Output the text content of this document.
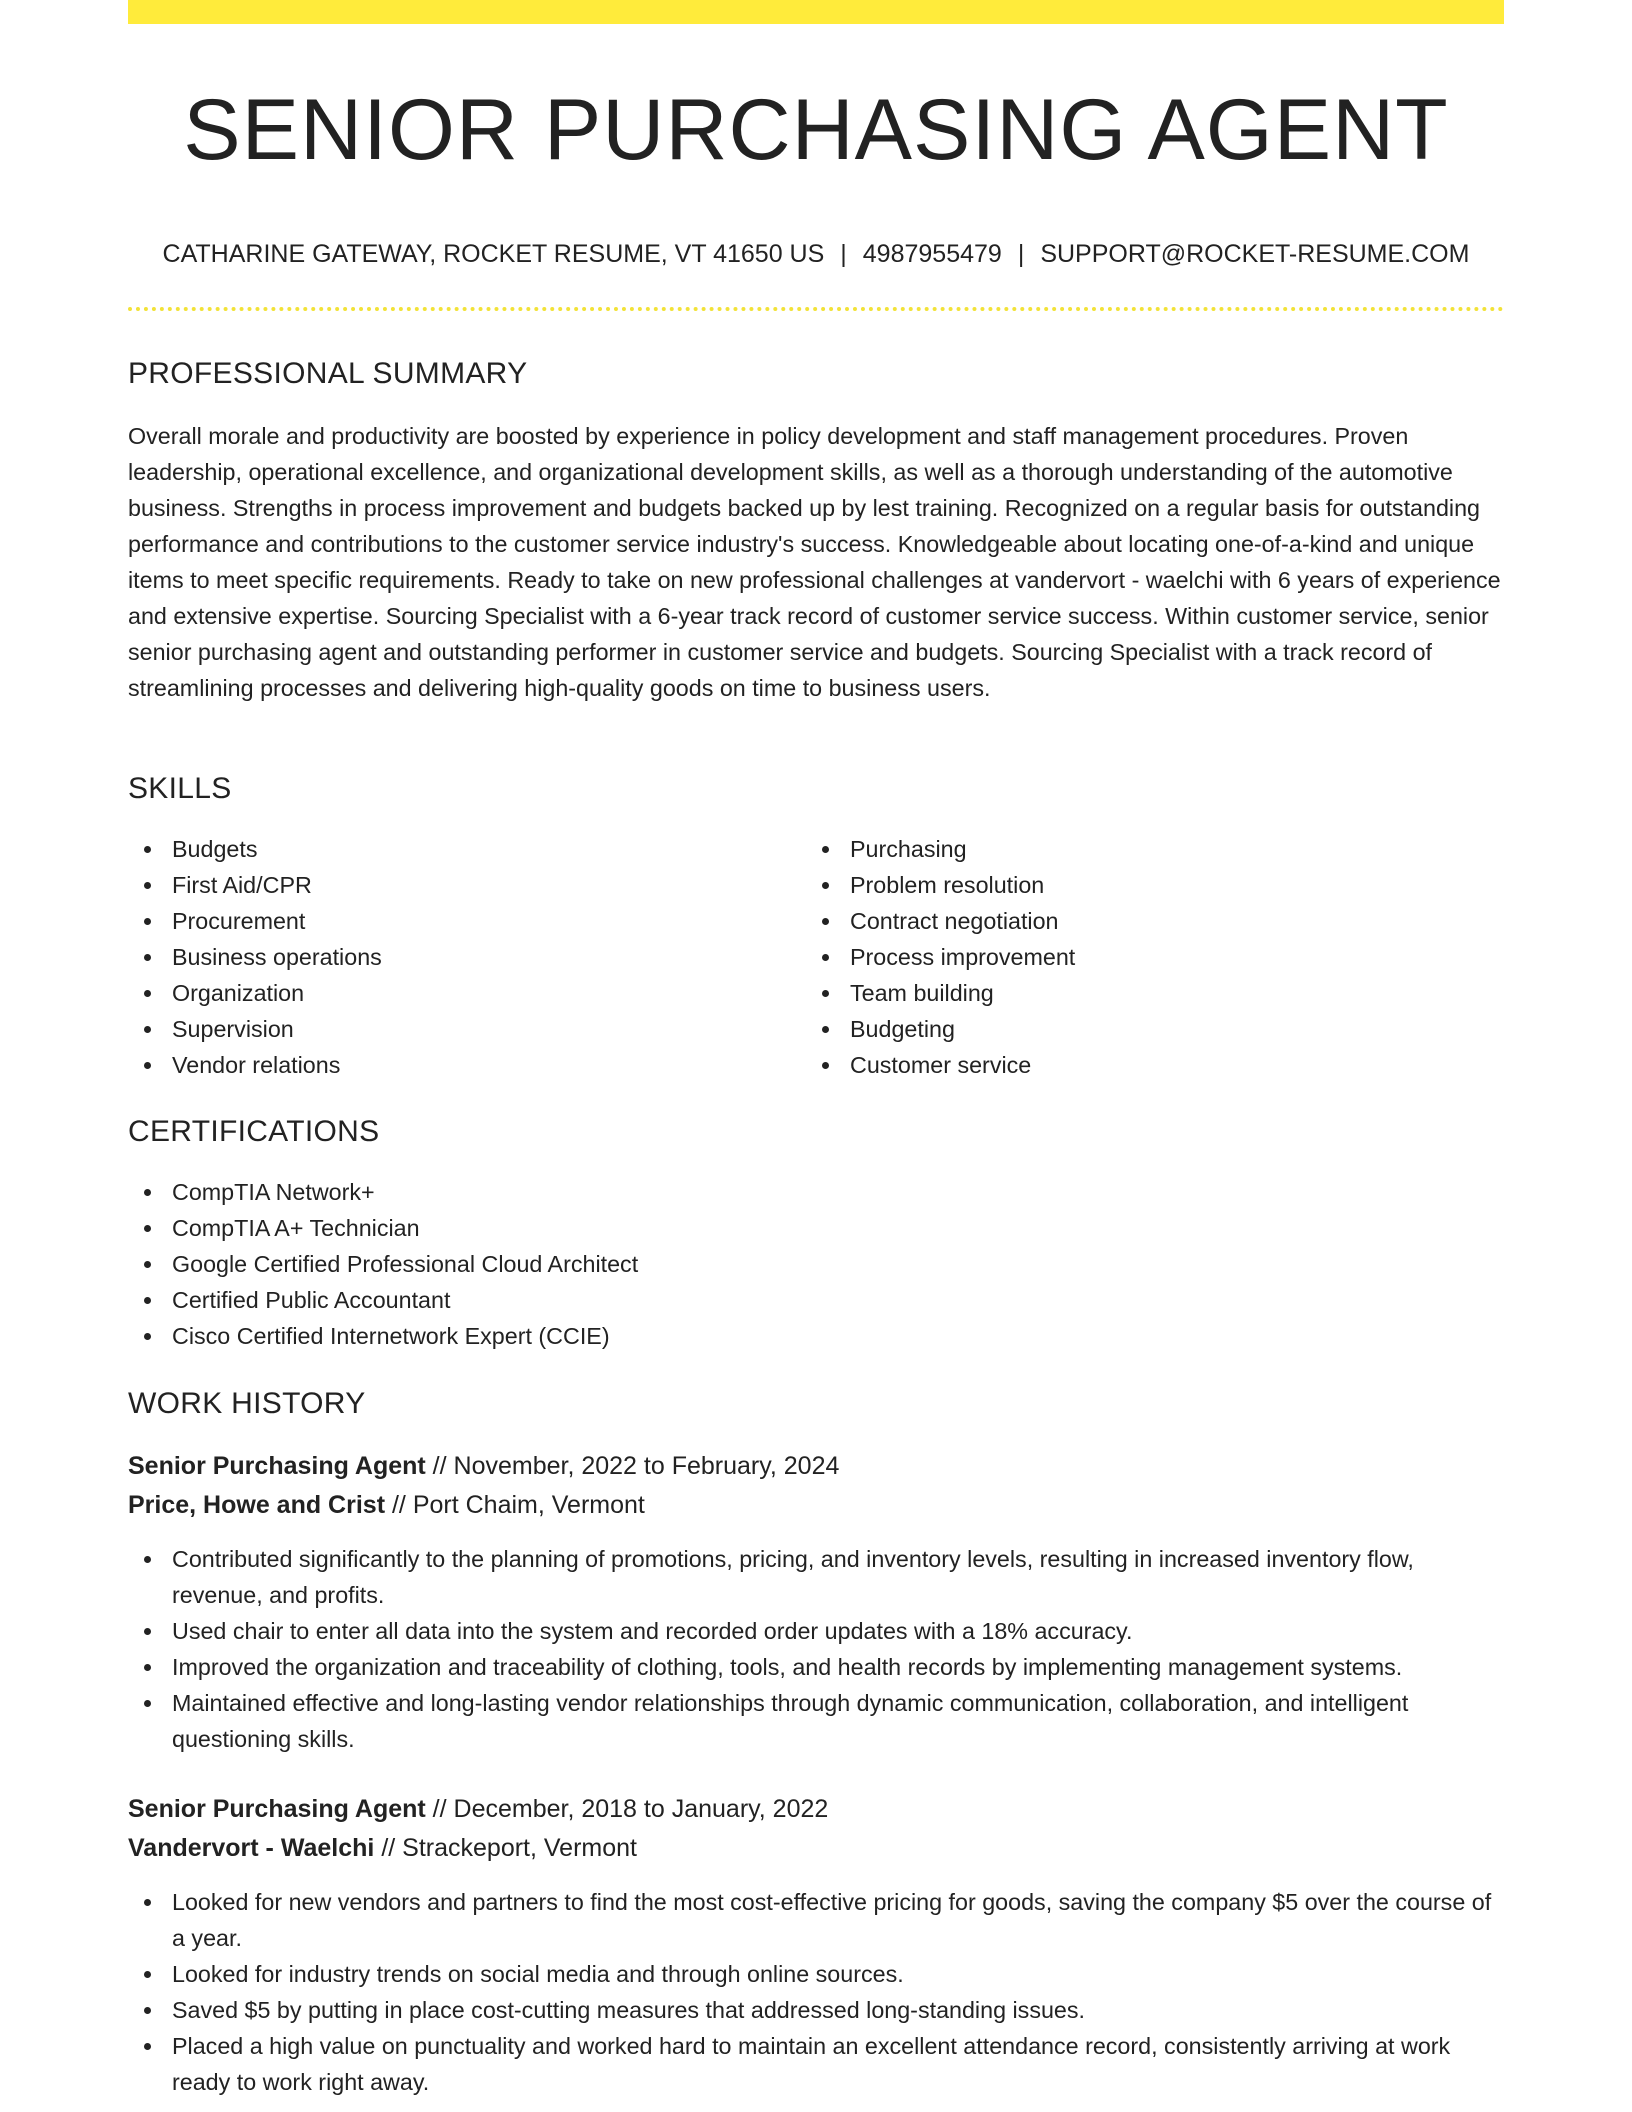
SENIOR PURCHASING AGENT
CATHARINE GATEWAY, ROCKET RESUME, VT 41650 US | 4987955479 | SUPPORT@ROCKET-RESUME.COM
PROFESSIONAL SUMMARY

Overall morale and productivity are boosted by experience in policy development and staff management procedures. Proven leadership, operational excellence, and organizational development skills, as well as a thorough understanding of the automotive business. Strengths in process improvement and budgets backed up by lest training. Recognized on a regular basis for outstanding performance and contributions to the customer service industry's success. Knowledgeable about locating one-of-a-kind and unique items to meet specific requirements. Ready to take on new professional challenges at vandervort - waelchi with 6 years of experience and extensive expertise. Sourcing Specialist with a 6-year track record of customer service success. Within customer service, senior senior purchasing agent and outstanding performer in customer service and budgets. Sourcing Specialist with a track record of streamlining processes and delivering high-quality goods on time to business users.

SKILLS
Budgets
First Aid/CPR
Procurement
Business operations
Organization
Supervision
Vendor relations
Purchasing
Problem resolution
Contract negotiation
Process improvement
Team building
Budgeting
Customer service
CERTIFICATIONS
CompTIA Network+
CompTIA A+ Technician
Google Certified Professional Cloud Architect
Certified Public Accountant
Cisco Certified Internetwork Expert (CCIE)
WORK HISTORY
Senior Purchasing Agent // November, 2022 to February, 2024
Price, Howe and Crist // Port Chaim, Vermont
Contributed significantly to the planning of promotions, pricing, and inventory levels, resulting in increased inventory flow, revenue, and profits.
Used chair to enter all data into the system and recorded order updates with a 18% accuracy.
Improved the organization and traceability of clothing, tools, and health records by implementing management systems.
Maintained effective and long-lasting vendor relationships through dynamic communication, collaboration, and intelligent questioning skills.
Senior Purchasing Agent // December, 2018 to January, 2022
Vandervort - Waelchi // Strackeport, Vermont
Looked for new vendors and partners to find the most cost-effective pricing for goods, saving the company $5 over the course of a year.
Looked for industry trends on social media and through online sources.
Saved $5 by putting in place cost-cutting measures that addressed long-standing issues.
Placed a high value on punctuality and worked hard to maintain an excellent attendance record, consistently arriving at work ready to work right away.
